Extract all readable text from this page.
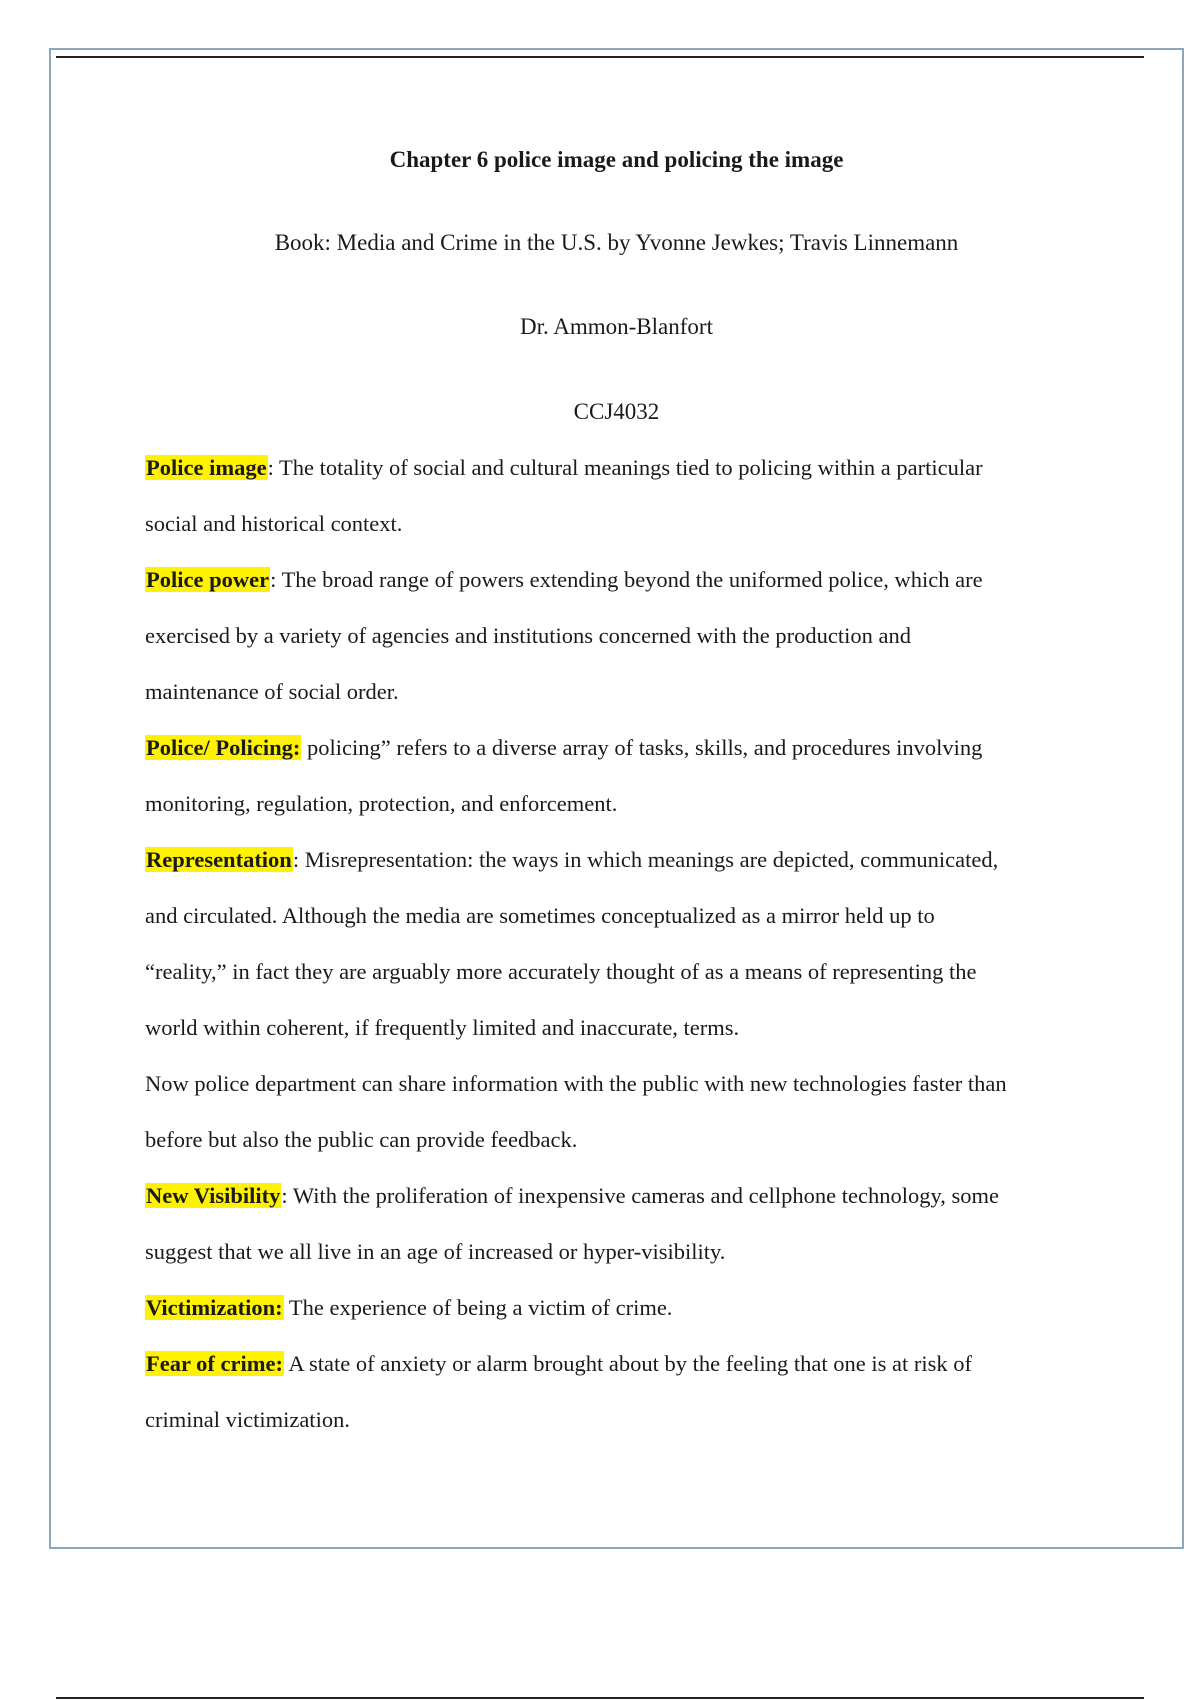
Chapter 6 police image and policing the image
Book: Media and Crime in the U.S. by Yvonne Jewkes; Travis Linnemann
Dr. Ammon-Blanfort
CCJ4032
Police image: The totality of social and cultural meanings tied to policing within a particular
social and historical context.
Police power: The broad range of powers extending beyond the uniformed police, which are
exercised by a variety of agencies and institutions concerned with the production and
maintenance of social order.
Police/ Policing: policing” refers to a diverse array of tasks, skills, and procedures involving
monitoring, regulation, protection, and enforcement.
Representation: Misrepresentation: the ways in which meanings are depicted, communicated,
and circulated. Although the media are sometimes conceptualized as a mirror held up to
“reality,” in fact they are arguably more accurately thought of as a means of representing the
world within coherent, if frequently limited and inaccurate, terms.
Now police department can share information with the public with new technologies faster than
before but also the public can provide feedback.
New Visibility: With the proliferation of inexpensive cameras and cellphone technology, some
suggest that we all live in an age of increased or hyper-visibility.
Victimization: The experience of being a victim of crime.
Fear of crime: A state of anxiety or alarm brought about by the feeling that one is at risk of
criminal victimization.
